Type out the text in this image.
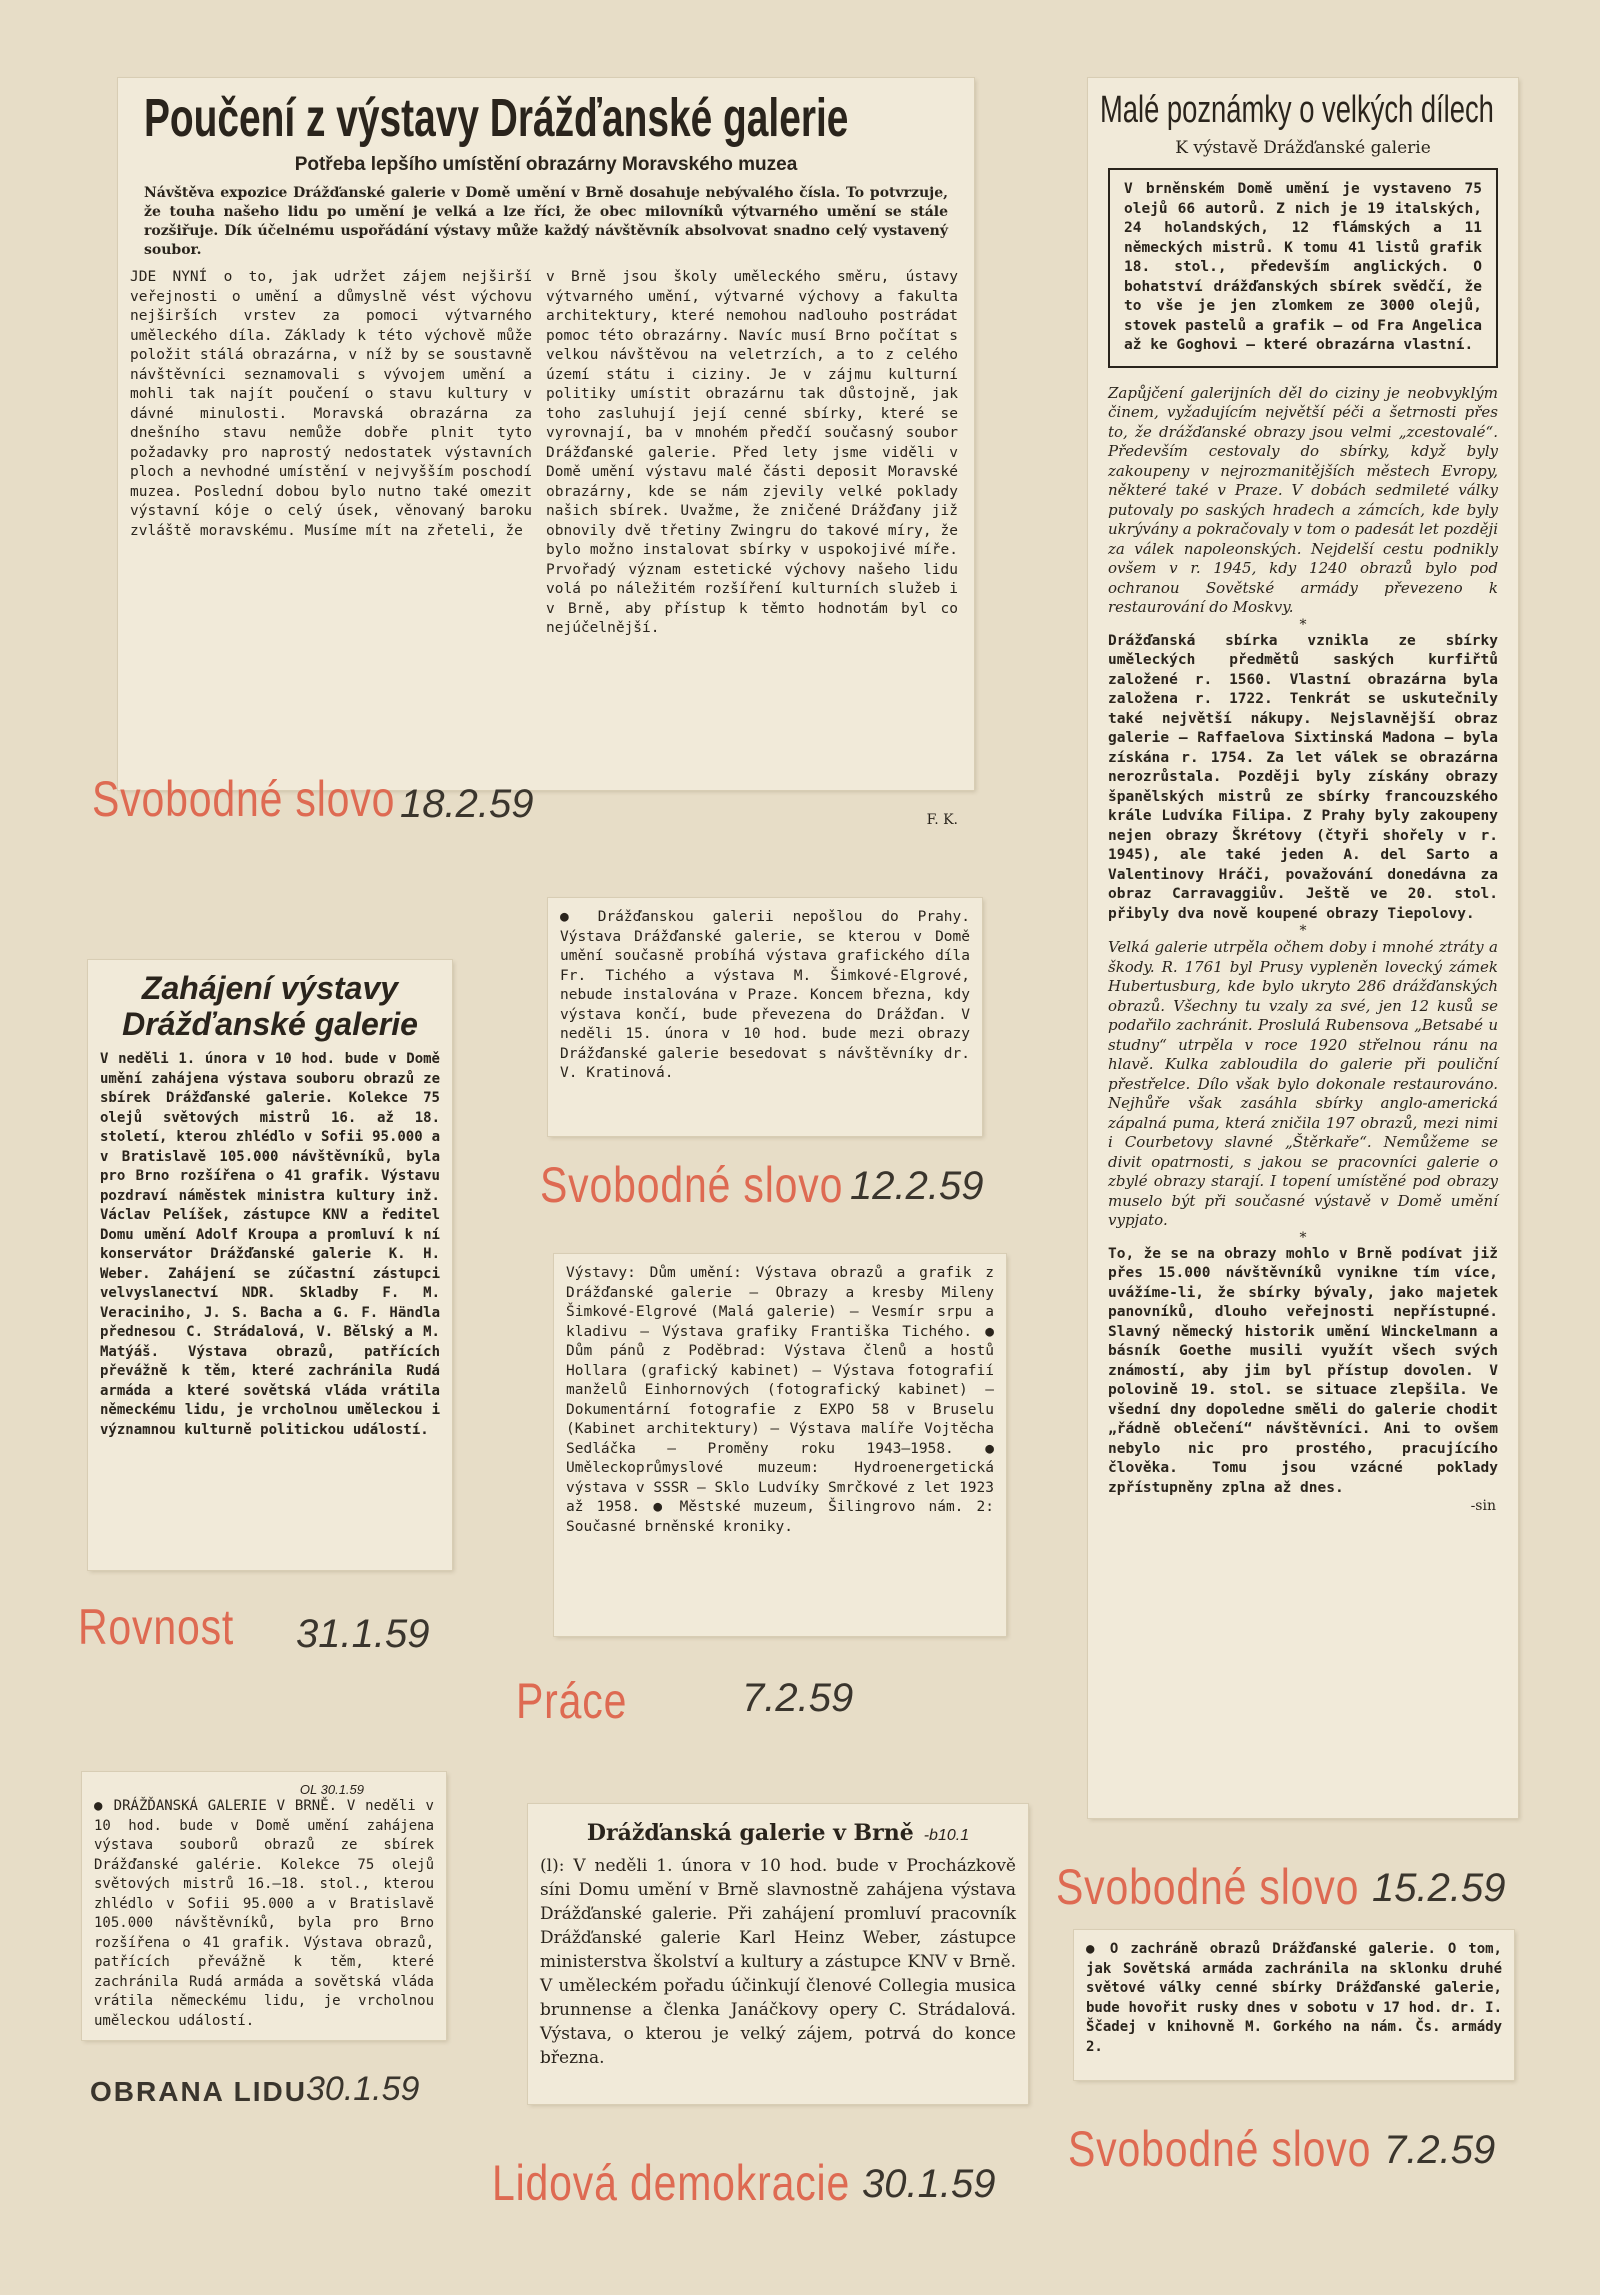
Poučení z výstavy Drážďanské galerie
Potřeba lepšího umístění obrazárny Moravského muzea
Návštěva expozice Drážďanské galerie v Domě umění v Brně dosahuje nebývalého čísla. To potvrzuje, že touha našeho lidu po umění je velká a lze říci, že obec milovníků výtvarného umění se stále rozšiřuje. Dík účelnému uspořádání výstavy může každý návštěvník absolvovat snadno celý vystavený soubor.
JDE NYNÍ o to, jak udržet zájem nejširší veřejnosti o umění a důmyslně vést výchovu nejširších vrstev za pomoci výtvarného uměleckého díla. Základy k této výchově může položit stálá obrazárna, v níž by se soustavně návštěvníci seznamovali s vývojem umění a mohli tak najít poučení o stavu kultury v dávné minulosti. Moravská obrazárna za dnešního stavu nemůže dobře plnit tyto požadavky pro naprostý nedostatek výstavních ploch a nevhodné umístění v nejvyšším poschodí muzea. Poslední dobou bylo nutno také omezit výstavní kóje o celý úsek, věnovaný baroku zvláště moravskému. Musíme mít na zřeteli, že
v Brně jsou školy uměleckého směru, ústavy výtvarného umění, výtvarné výchovy a fakulta architektury, které nemohou nadlouho postrádat pomoc této obrazárny. Navíc musí Brno počítat s velkou návštěvou na veletrzích, a to z celého území státu i ciziny. Je v zájmu kulturní politiky umístit obrazárnu tak důstojně, jak toho zasluhují její cenné sbírky, které se vyrovnají, ba v mnohém předčí současný soubor Drážďanské galerie. Před lety jsme viděli v Domě umění výstavu malé části deposit Moravské obrazárny, kde se nám zjevily velké poklady našich sbírek. Uvažme, že zničené Drážďany již obnovily dvě třetiny Zwingru do takové míry, že bylo možno instalovat sbírky v uspokojivé míře. Prvořadý význam estetické výchovy našeho lidu volá po náležitém rozšíření kulturních služeb i v Brně, aby přístup k těmto hodnotám byl co nejúčelnější.
F. K.
Svobodné slovo 18.2.59
Malé poznámky o velkých dílech
K výstavě Drážďanské galerie
V brněnském Domě umění je vystaveno 75 olejů 66 autorů. Z nich je 19 italských, 24 holandských, 12 flámských a 11 německých mistrů. K tomu 41 listů grafik 18. stol., především anglických. O bohatství drážďanských sbírek svědčí, že to vše je jen zlomkem ze 3000 olejů, stovek pastelů a grafik — od Fra Angelica až ke Goghovi — které obrazárna vlastní.
Zapůjčení galerijních děl do ciziny je neobvyklým činem, vyžadujícím největší péči a šetrnosti přes to, že drážďanské obrazy jsou velmi „zcestovalé“. Především cestovaly do sbírky, když byly zakoupeny v nejrozmanitějších městech Evropy, některé také v Praze. V dobách sedmileté války putovaly po saských hradech a zámcích, kde byly ukrývány a pokračovaly v tom o padesát let později za válek napoleonských. Nejdelší cestu podnikly ovšem v r. 1945, kdy 1240 obrazů bylo pod ochranou Sovětské armády převezeno k restaurování do Moskvy.
*
Drážďanská sbírka vznikla ze sbírky uměleckých předmětů saských kurfiřtů založené r. 1560. Vlastní obrazárna byla založena r. 1722. Tenkrát se uskutečnily také největší nákupy. Nejslavnější obraz galerie — Raffaelova Sixtinská Madona — byla získána r. 1754. Za let válek se obrazárna nerozrůstala. Později byly získány obrazy španělských mistrů ze sbírky francouzského krále Ludvíka Filipa. Z Prahy byly zakoupeny nejen obrazy Škrétovy (čtyři shořely v r. 1945), ale také jeden A. del Sarto a Valentinovy Hráči, považování donedávna za obraz Carravaggiův. Ještě ve 20. stol. přibyly dva nově koupené obrazy Tiepolovy.
*
Velká galerie utrpěla očhem doby i mnohé ztráty a škody. R. 1761 byl Prusy vypleněn lovecký zámek Hubertusburg, kde bylo ukryto 286 drážďanských obrazů. Všechny tu vzaly za své, jen 12 kusů se podařilo zachránit. Proslulá Rubensova „Betsabé u studny“ utrpěla v roce 1920 střelnou ránu na hlavě. Kulka zabloudila do galerie při pouliční přestřelce. Dílo však bylo dokonale restaurováno. Nejhůře však zasáhla sbírky anglo-americká zápalná puma, která zničila 197 obrazů, mezi nimi i Courbetovy slavné „Štěrkaře“. Nemůžeme se divit opatrnosti, s jakou se pracovníci galerie o zbylé obrazy starají. I topení umístěné pod obrazy muselo být při současné výstavě v Domě umění vypjato.
*
To, že se na obrazy mohlo v Brně podívat již přes 15.000 návštěvníků vynikne tím více, uvážíme-li, že sbírky bývaly, jako majetek panovníků, dlouho veřejnosti nepřístupné. Slavný německý historik umění Winckelmann a básník Goethe musili využít všech svých známostí, aby jim byl přístup dovolen. V polovině 19. stol. se situace zlepšila. Ve všední dny dopoledne směli do galerie chodit „řádně oblečení“ návštěvníci. Ani to ovšem nebylo nic pro prostého, pracujícího člověka. Tomu jsou vzácné poklady zpřístupněny zplna až dnes.
-sin
Svobodné slovo 15.2.59
Zahájení výstavy
Drážďanské galerie
V neděli 1. února v 10 hod. bude v Domě umění zahájena výstava souboru obrazů ze sbírek Drážďanské galerie. Kolekce 75 olejů světových mistrů 16. až 18. století, kterou zhlédlo v Sofii 95.000 a v Bratislavě 105.000 návštěvníků, byla pro Brno rozšířena o 41 grafik. Výstavu pozdraví náměstek ministra kultury inž. Václav Pelíšek, zástupce KNV a ředitel Domu umění Adolf Kroupa a promluví k ní konservátor Drážďanské galerie K. H. Weber. Zahájení se zúčastní zástupci velvyslanectví NDR. Skladby F. M. Veraciniho, J. S. Bacha a G. F. Händla přednesou C. Strádalová, V. Bělský a M. Matýáš. Výstava obrazů, patřících převážně k těm, které zachránila Rudá armáda a které sovětská vláda vrátila německému lidu, je vrcholnou uměleckou i významnou kulturně politickou událostí.
Rovnost 31.1.59
● Drážďanskou galerii nepošlou do Prahy. Výstava Drážďanské galerie, se kterou v Domě umění současně probíhá výstava grafického díla Fr. Tichého a výstava M. Šimkové-Elgrové, nebude instalována v Praze. Koncem března, kdy výstava končí, bude převezena do Drážďan. V neděli 15. února v 10 hod. bude mezi obrazy Drážďanské galerie besedovat s návštěvníky dr. V. Kratinová.
Svobodné slovo 12.2.59
Výstavy: Dům umění: Výstava obrazů a grafik z Drážďanské galerie — Obrazy a kresby Mileny Šimkové-Elgrové (Malá galerie) — Vesmír srpu a kladivu — Výstava grafiky Františka Tichého. ● Dům pánů z Poděbrad: Výstava členů a hostů Hollara (grafický kabinet) — Výstava fotografií manželů Einhornových (fotografický kabinet) — Dokumentární fotografie z EXPO 58 v Bruselu (Kabinet architektury) — Výstava malíře Vojtěcha Sedláčka — Proměny roku 1943—1958. ● Uměleckoprůmyslové muzeum: Hydroenergetická výstava v SSSR — Sklo Ludvíky Smrčkové z let 1923 až 1958. ● Městské muzeum, Šilingrovo nám. 2: Současné brněnské kroniky.
Práce	7.2.59
OL 30.1.59
● DRÁŽĎANSKÁ GALERIE V BRNĚ. V neděli v 10 hod. bude v Domě umění zahájena výstava souborů obrazů ze sbírek Drážďanské galérie. Kolekce 75 olejů světových mistrů 16.—18. stol., kterou zhlédlo v Sofii 95.000 a v Bratislavě 105.000 návštěvníků, byla pro Brno rozšířena o 41 grafik. Výstava obrazů, patřících převážně k těm, které zachránila Rudá armáda a sovětská vláda vrátila německému lidu, je vrcholnou uměleckou událostí.
OBRANA LIDU 30.1.59
Drážďanská galerie v Brně -b10.1
(l): V neděli 1. února v 10 hod. bude v Procházkově síni Domu umění v Brně slavnostně zahájena výstava Drážďanské galerie. Při zahájení promluví pracovník Drážďanské galerie Karl Heinz Weber, zástupce ministerstva školství a kultury a zástupce KNV v Brně. V uměleckém pořadu účinkují členové Collegia musica brunnense a členka Janáčkovy opery C. Strádalová. Výstava, o kterou je velký zájem, potrvá do konce března.
Lidová demokracie 30.1.59
● O zachráně obrazů Drážďanské galerie. O tom, jak Sovětská armáda zachránila na sklonku druhé světové války cenné sbírky Drážďanské galerie, bude hovořit rusky dnes v sobotu v 17 hod. dr. I. Ščadej v knihovně M. Gorkého na nám. Čs. armády 2.
Svobodné slovo 7.2.59
